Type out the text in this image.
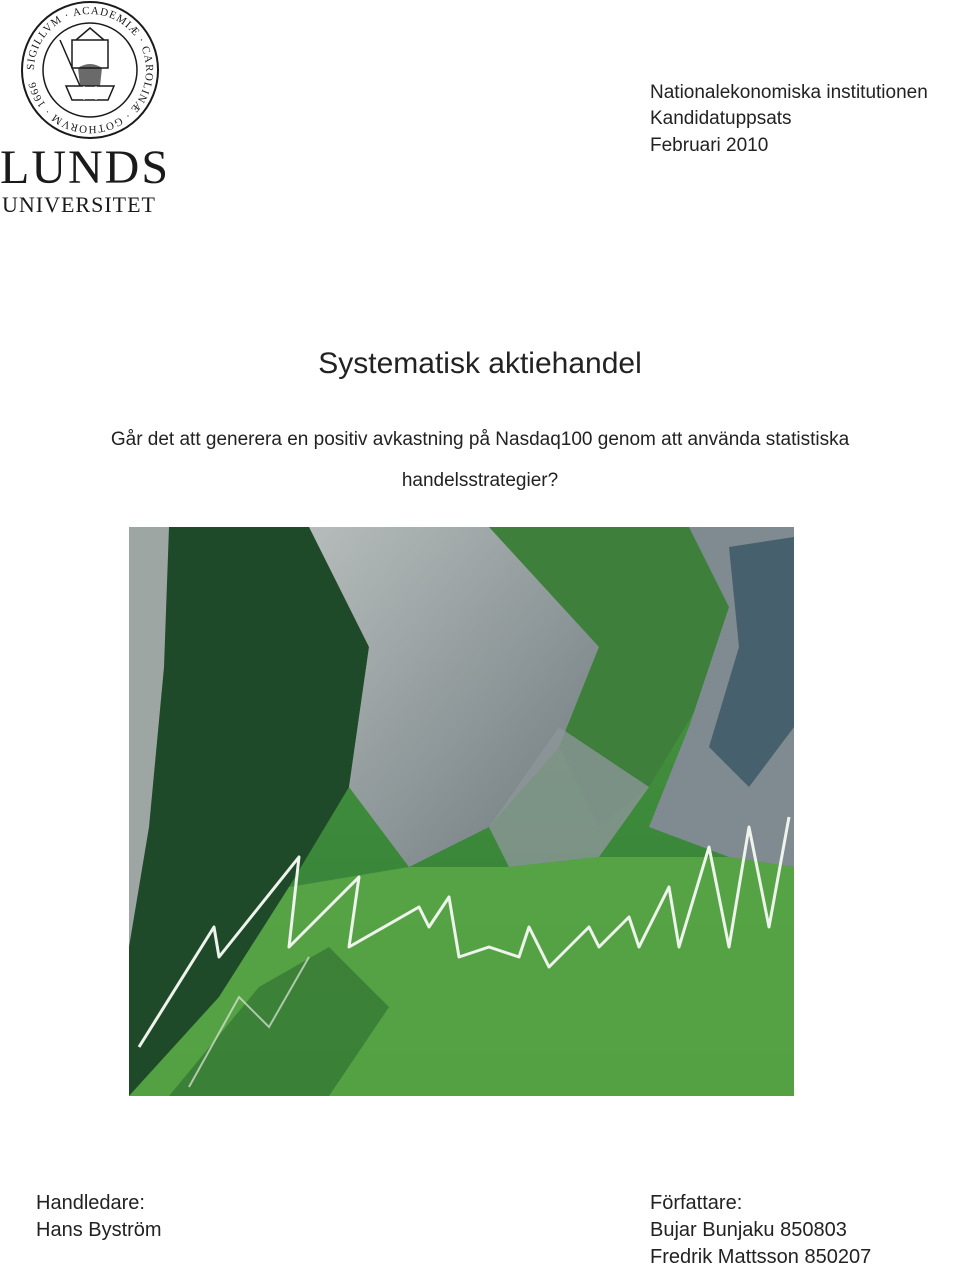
SIGILLVM · ACADEMIÆ · CAROLINÆ · GOTHORVM · 1666
LUNDS
UNIVERSITET
Nationalekonomiska institutionen
Kandidatuppsats
Februari 2010
Systematisk aktiehandel
Går det att generera en positiv avkastning på Nasdaq100 genom att använda statistiska
handelsstrategier?
Handledare:
Hans Byström
Författare:
Bujar Bunjaku 850803
Fredrik Mattsson 850207
